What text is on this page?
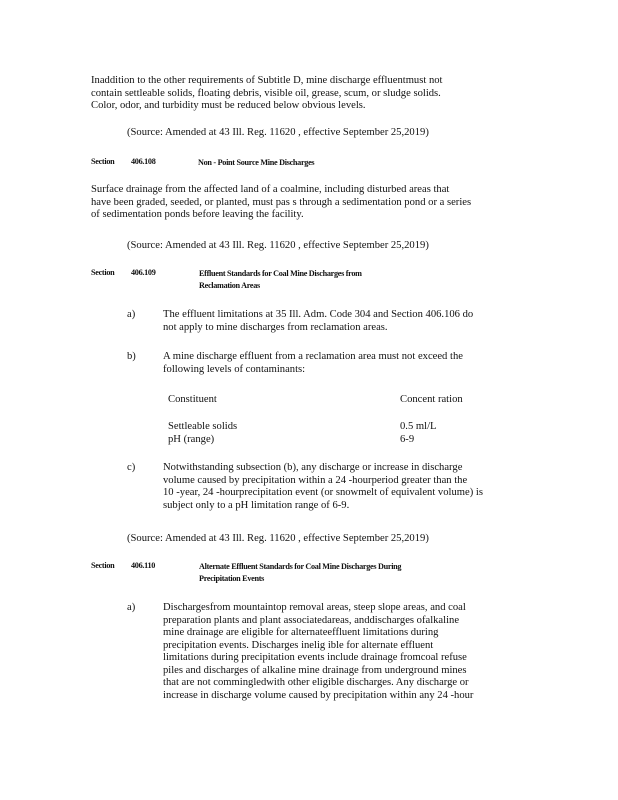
Inaddition to the other requirements of Subtitle D, mine discharge effluentmust not
contain settleable solids, floating debris, visible oil, grease, scum, or sludge solids.
Color, odor, and turbidity must be reduced below obvious levels.
(Source: Amended at 43 Ill. Reg. 11620 , effective September 25,2019)
Section 406.108	Non - Point Source Mine Discharges
Surface drainage from the affected land of a coalmine, including disturbed areas that
have been graded, seeded, or planted, must pas s through a sedimentation pond or a series
of sedimentation ponds before leaving the facility.
(Source: Amended at 43 Ill. Reg. 11620 , effective September 25,2019)
Section 406.109	Effluent Standards for Coal Mine Discharges from
Reclamation Areas
a)	The effluent limitations at 35 Ill. Adm. Code 304 and Section 406.106 do
not apply to mine discharges from reclamation areas.
b)	A mine discharge effluent from a reclamation area must not exceed the
following levels of contaminants:
Constituent	Concent ration
Settleable solids	0.5 ml/L
pH (range)	6-9
c)	Notwithstanding subsection (b), any discharge or increase in discharge
volume caused by precipitation within a 24 -hourperiod greater than the
10 -year, 24 -hourprecipitation event (or snowmelt of equivalent volume) is
subject only to a pH limitation range of 6-9.
(Source: Amended at 43 Ill. Reg. 11620 , effective September 25,2019)
Section 406.110	Alternate Effluent Standards for Coal Mine Discharges During
Precipitation Events
a)	Dischargesfrom mountaintop removal areas, steep slope areas, and coal
preparation plants and plant associatedareas, anddischarges ofalkaline
mine drainage are eligible for alternateeffluent limitations during
precipitation events. Discharges inelig ible for alternate effluent
limitations during precipitation events include drainage fromcoal refuse
piles and discharges of alkaline mine drainage from underground mines
that are not commingledwith other eligible discharges. Any discharge or
increase in discharge volume caused by precipitation within any 24 -hour
